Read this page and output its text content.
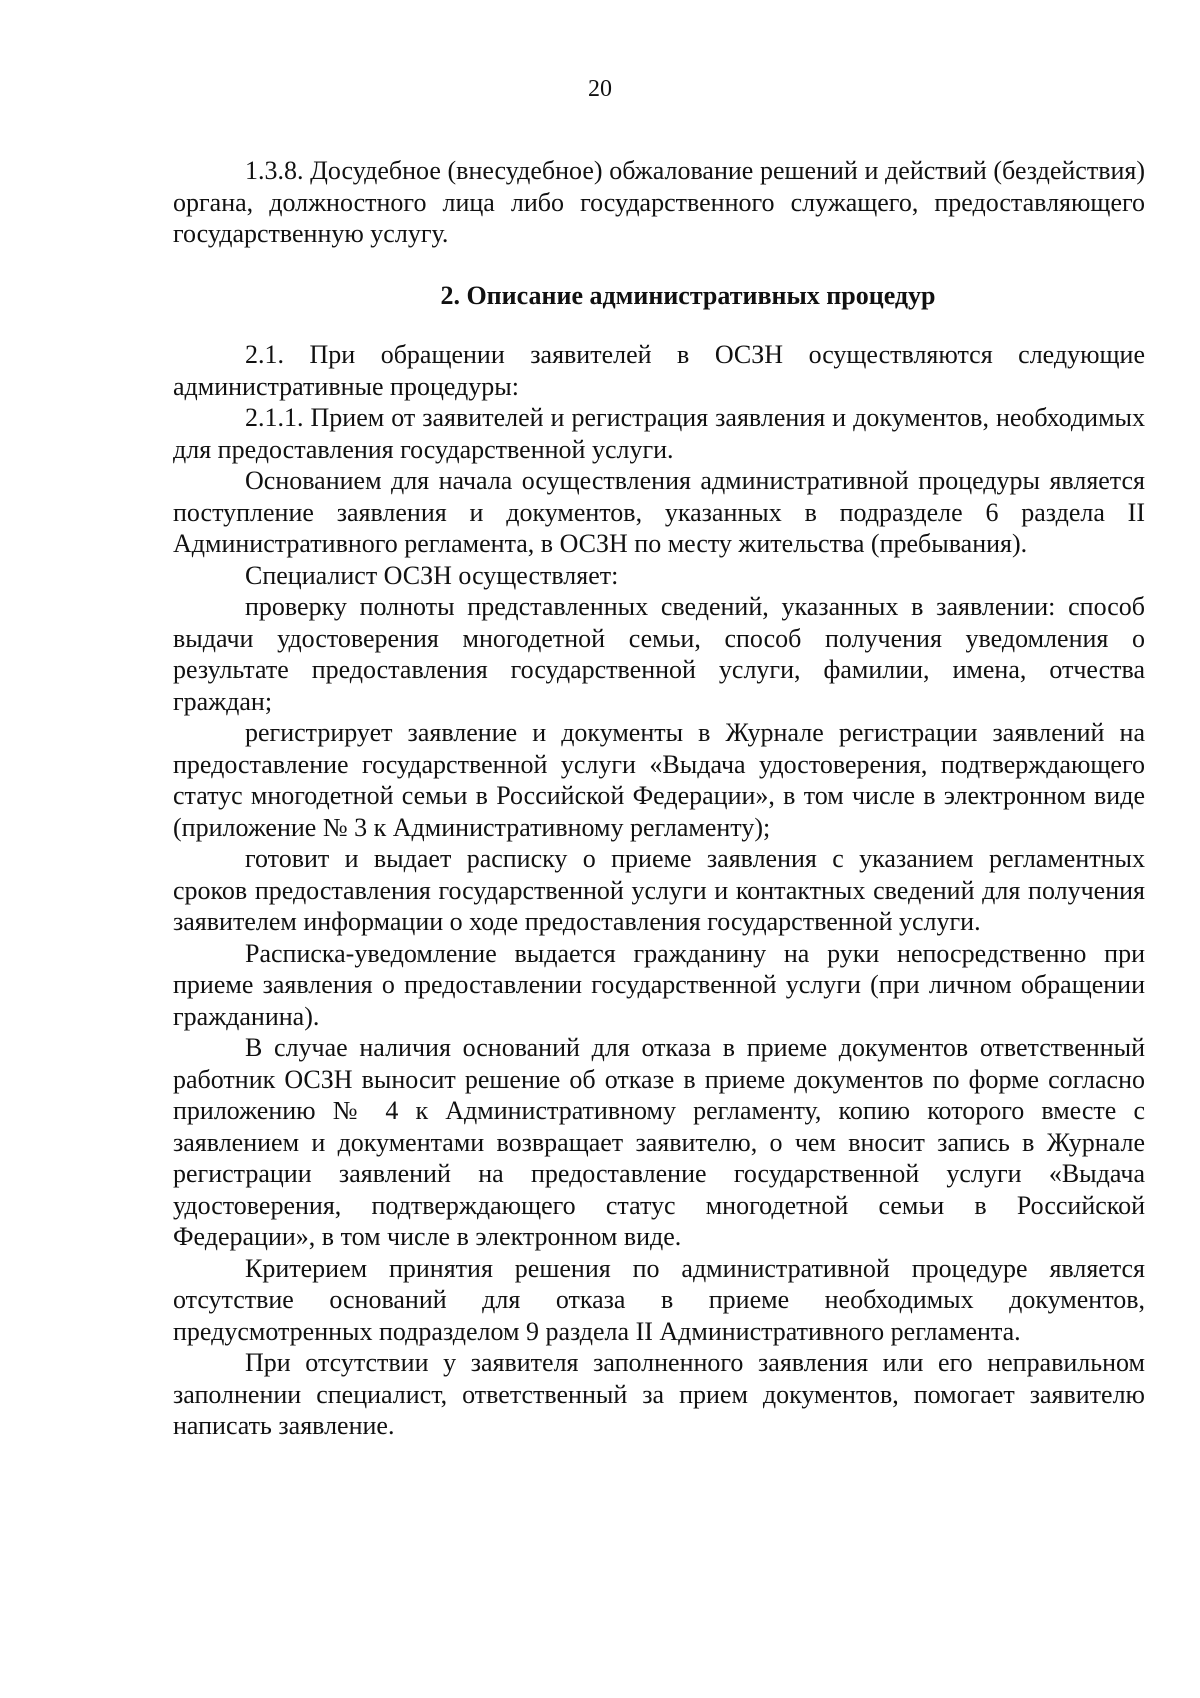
20

1.3.8. Досудебное (внесудебное) обжалование решений и действий (бездействия) органа, должностного лица либо государственного служащего, предоставляющего государственную услугу.

2. Описание административных процедур

2.1. При обращении заявителей в ОСЗН осуществляются следующие административные процедуры:

2.1.1. Прием от заявителей и регистрация заявления и документов, необходимых для предоставления государственной услуги.

Основанием для начала осуществления административной процедуры является поступление заявления и документов, указанных в подразделе 6 раздела II Административного регламента, в ОСЗН по месту жительства (пребывания).

Специалист ОСЗН осуществляет:

проверку полноты представленных сведений, указанных в заявлении: способ выдачи удостоверения многодетной семьи, способ получения уведомления о результате предоставления государственной услуги, фамилии, имена, отчества граждан;

регистрирует заявление и документы в Журнале регистрации заявлений на предоставление государственной услуги «Выдача удостоверения, подтверждающего статус многодетной семьи в Российской Федерации», в том числе в электронном виде (приложение № 3 к Административному регламенту);

готовит и выдает расписку о приеме заявления с указанием регламентных сроков предоставления государственной услуги и контактных сведений для получения заявителем информации о ходе предоставления государственной услуги.

Расписка-уведомление выдается гражданину на руки непосредственно при приеме заявления о предоставлении государственной услуги (при личном обращении гражданина).

В случае наличия оснований для отказа в приеме документов ответственный работник ОСЗН выносит решение об отказе в приеме документов по форме согласно приложению № 4 к Административному регламенту, копию которого вместе с заявлением и документами возвращает заявителю, о чем вносит запись в Журнале регистрации заявлений на предоставление государственной услуги «Выдача удостоверения, подтверждающего статус многодетной семьи в Российской Федерации», в том числе в электронном виде.

Критерием принятия решения по административной процедуре является отсутствие оснований для отказа в приеме необходимых документов, предусмотренных подразделом 9 раздела II Административного регламента.

При отсутствии у заявителя заполненного заявления или его неправильном заполнении специалист, ответственный за прием документов, помогает заявителю написать заявление.
